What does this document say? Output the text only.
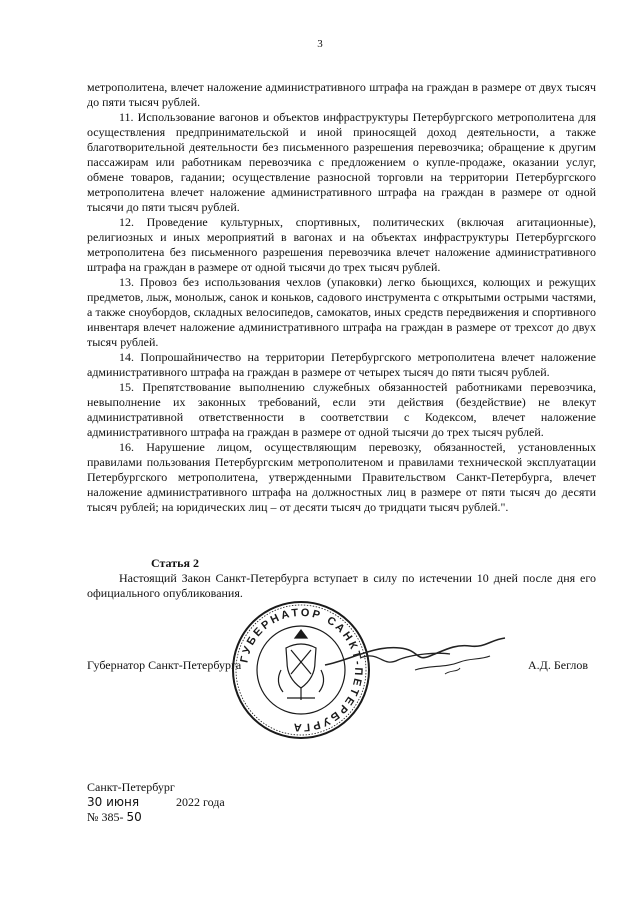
3

метрополитена, влечет наложение административного штрафа на граждан в размере от двух тысяч до пяти тысяч рублей.

11. Использование вагонов и объектов инфраструктуры Петербургского метрополитена для осуществления предпринимательской и иной приносящей доход деятельности, а также благотворительной деятельности без письменного разрешения перевозчика; обращение к другим пассажирам или работникам перевозчика с предложением о купле-продаже, оказании услуг, обмене товаров, гадании; осуществление разносной торговли на территории Петербургского метрополитена влечет наложение административного штрафа на граждан в размере от одной тысячи до пяти тысяч рублей.

12. Проведение культурных, спортивных, политических (включая агитационные), религиозных и иных мероприятий в вагонах и на объектах инфраструктуры Петербургского метрополитена без письменного разрешения перевозчика влечет наложение административного штрафа на граждан в размере от одной тысячи до трех тысяч рублей.

13. Провоз без использования чехлов (упаковки) легко бьющихся, колющих и режущих предметов, лыж, монолыж, санок и коньков, садового инструмента с открытыми острыми частями, а также сноубордов, складных велосипедов, самокатов, иных средств передвижения и спортивного инвентаря влечет наложение административного штрафа на граждан в размере от трехсот до двух тысяч рублей.

14. Попрошайничество на территории Петербургского метрополитена влечет наложение административного штрафа на граждан в размере от четырех тысяч до пяти тысяч рублей.

15. Препятствование выполнению служебных обязанностей работниками перевозчика, невыполнение их законных требований, если эти действия (бездействие) не влекут административной ответственности в соответствии с Кодексом, влечет наложение административного штрафа на граждан в размере от одной тысячи до трех тысяч рублей.

16. Нарушение лицом, осуществляющим перевозку, обязанностей, установленных правилами пользования Петербургским метрополитеном и правилами технической эксплуатации Петербургского метрополитена, утвержденными Правительством Санкт-Петербурга, влечет наложение административного штрафа на должностных лиц в размере от пяти тысяч до десяти тысяч рублей; на юридических лиц – от десяти тысяч до тридцати тысяч рублей.".

Статья 2

Настоящий Закон Санкт-Петербурга вступает в силу по истечении 10 дней после дня его официального опубликования.

Губернатор Санкт-Петербурга	А.Д. Беглов
ГУБЕРНАТОР САНКТ-ПЕТЕРБУРГА
Санкт-Петербург
30 июня	2022 года
№ 385- 50
